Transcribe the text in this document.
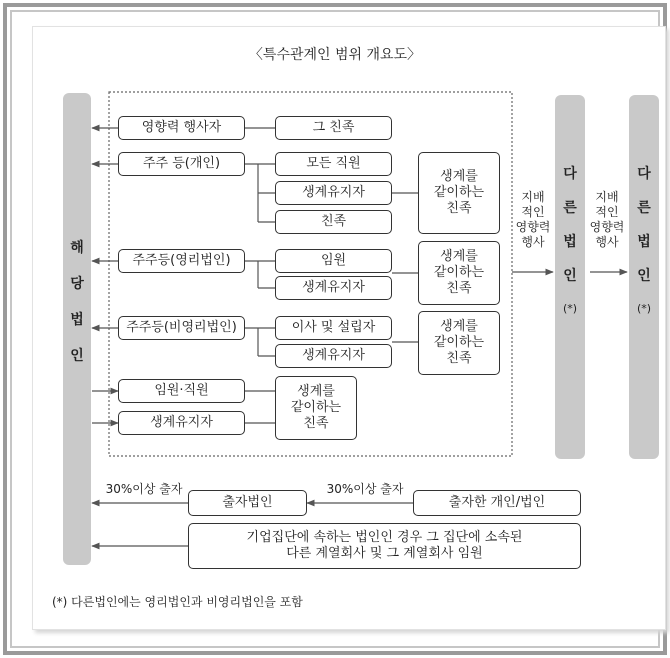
〈특수관계인 범위 개요도〉
해
당
법
인
다
른
법
인
(*)
다
른
법
인
(*)
영향력 행사자
주주 등(개인)
주주등(영리법인)
주주등(비영리법인)
임원·직원
생계유지자
그 친족
모든 직원
생계유지자
친족
임원
생계유지자
이사 및 설립자
생계유지자
생계를
같이하는
친족
생계를
같이하는
친족
생계를
같이하는
친족
생계를
같이하는
친족
지배
적인
영향력
행사
지배
적인
영향력
행사
30%이상 출자
출자법인
30%이상 출자
출자한 개인/법인
기업집단에 속하는 법인인 경우 그 집단에 소속된
다른 계열회사 및 그 계열회사 임원
(*) 다른법인에는 영리법인과 비영리법인을 포함
